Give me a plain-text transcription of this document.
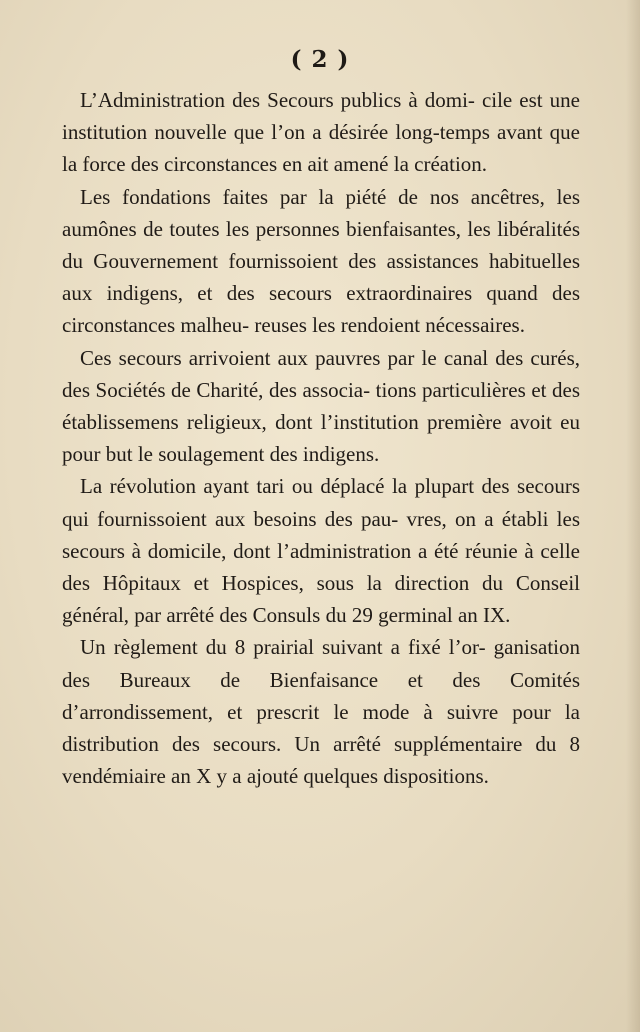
( 2 )

L’Administration des Secours publics à domi- cile est une institution nouvelle que l’on a désirée long-temps avant que la force des circonstances en ait amené la création.

Les fondations faites par la piété de nos ancêtres, les aumônes de toutes les personnes bienfaisantes, les libéralités du Gouvernement fournissoient des assistances habituelles aux indigens, et des secours extraordinaires quand des circonstances malheu- reuses les rendoient nécessaires.

Ces secours arrivoient aux pauvres par le canal des curés, des Sociétés de Charité, des associa- tions particulières et des établissemens religieux, dont l’institution première avoit eu pour but le soulagement des indigens.

La révolution ayant tari ou déplacé la plupart des secours qui fournissoient aux besoins des pau- vres, on a établi les secours à domicile, dont l’administration a été réunie à celle des Hôpitaux et Hospices, sous la direction du Conseil général, par arrêté des Consuls du 29 germinal an IX.

Un règlement du 8 prairial suivant a fixé l’or- ganisation des Bureaux de Bienfaisance et des Comités d’arrondissement, et prescrit le mode à suivre pour la distribution des secours. Un arrêté supplémentaire du 8 vendémiaire an X y a ajouté quelques dispositions.
